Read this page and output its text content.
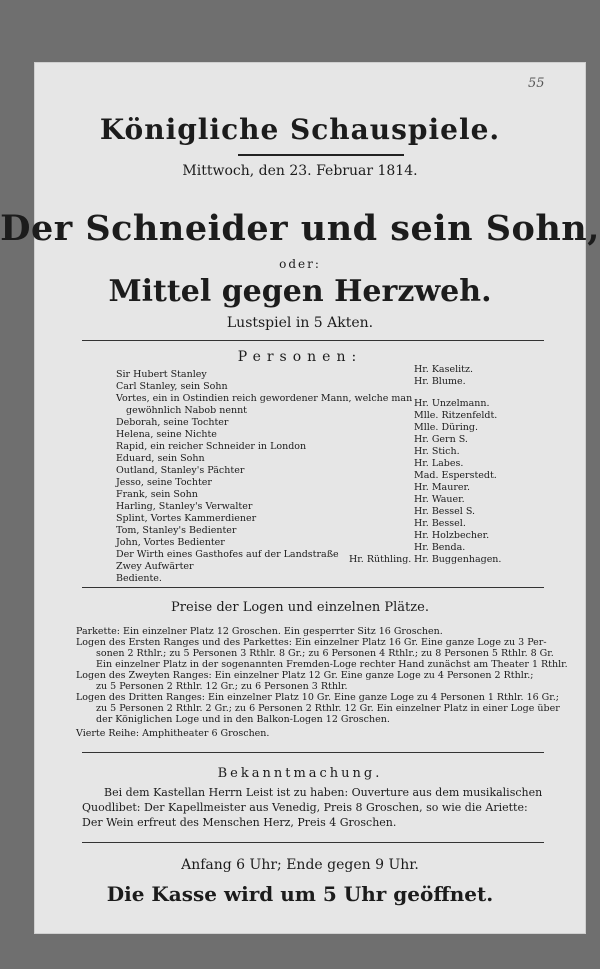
55
Königliche Schauspiele.
Mittwoch, den 23. Februar 1814.
Der Schneider und sein Sohn,
oder:
Mittel gegen Herzweh.
Lustspiel in 5 Akten.
Personen:
Sir Hubert Stanley
Carl Stanley, sein Sohn
Vortes, ein in Ostindien reich gewordener Mann, welche man
gewöhnlich Nabob nennt
Deborah, seine Tochter
Helena, seine Nichte
Rapid, ein reicher Schneider in London
Eduard, sein Sohn
Outland, Stanley's Pächter
Jesso, seine Tochter
Frank, sein Sohn
Harling, Stanley's Verwalter
Splint, Vortes Kammerdiener
Tom, Stanley's Bedienter
John, Vortes Bedienter
Der Wirth eines Gasthofes auf der Landstraße
Zwey Aufwärter
Bediente.
Hr. Kaselitz.
Hr. Blume.
Hr. Unzelmann.
Mlle. Ritzenfeldt.
Mlle. Düring.
Hr. Gern S.
Hr. Stich.
Hr. Labes.
Mad. Esperstedt.
Hr. Maurer.
Hr. Wauer.
Hr. Bessel S.
Hr. Bessel.
Hr. Holzbecher.
Hr. Benda.
Hr. Buggenhagen.
Hr. Rüthling.
Preise der Logen und einzelnen Plätze.
Parkette: Ein einzelner Platz 12 Groschen. Ein gesperrter Sitz 16 Groschen.
Logen des Ersten Ranges und des Parkettes: Ein einzelner Platz 16 Gr. Eine ganze Loge zu 3 Per-
sonen 2 Rthlr.; zu 5 Personen 3 Rthlr. 8 Gr.; zu 6 Personen 4 Rthlr.; zu 8 Personen 5 Rthlr. 8 Gr.
Ein einzelner Platz in der sogenannten Fremden-Loge rechter Hand zunächst am Theater 1 Rthlr.
Logen des Zweyten Ranges: Ein einzelner Platz 12 Gr. Eine ganze Loge zu 4 Personen 2 Rthlr.;
zu 5 Personen 2 Rthlr. 12 Gr.; zu 6 Personen 3 Rthlr.
Logen des Dritten Ranges: Ein einzelner Platz 10 Gr. Eine ganze Loge zu 4 Personen 1 Rthlr. 16 Gr.;
zu 5 Personen 2 Rthlr. 2 Gr.; zu 6 Personen 2 Rthlr. 12 Gr. Ein einzelner Platz in einer Loge über
der Königlichen Loge und in den Balkon-Logen 12 Groschen.
Vierte Reihe: Amphitheater 6 Groschen.
Bekanntmachung.
Bei dem Kastellan Herrn Leist ist zu haben: Ouverture aus dem musikalischen
Quodlibet: Der Kapellmeister aus Venedig, Preis 8 Groschen, so wie die Ariette:
Der Wein erfreut des Menschen Herz, Preis 4 Groschen.
Anfang 6 Uhr; Ende gegen 9 Uhr.
Die Kasse wird um 5 Uhr geöffnet.
